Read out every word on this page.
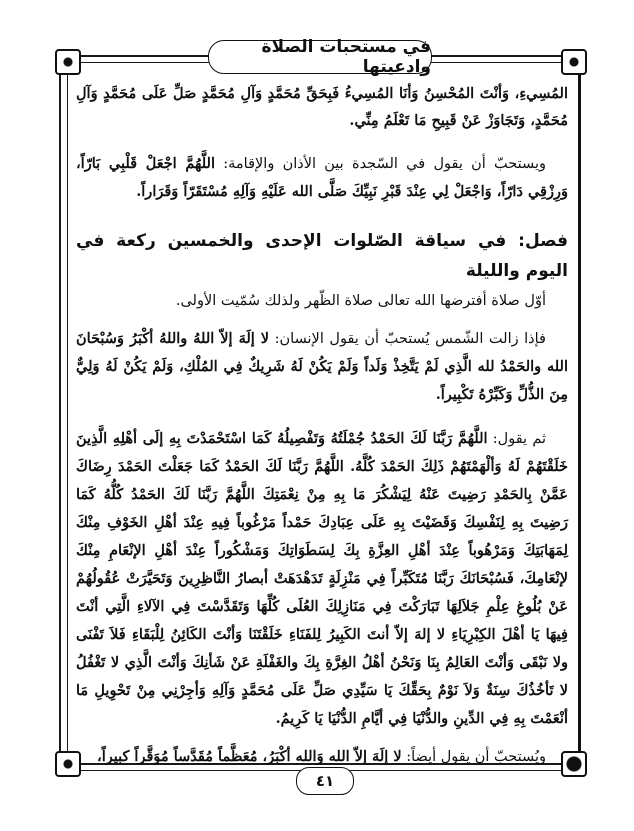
في مستحبات الصلاة وادعيتها

المُسِيءِ، وَأنْتَ المُحْسِنُ وَأنَا المُسِيءُ فَبِحَقِّ مُحَمَّدٍ وَآلِ مُحَمَّدٍ صَلِّ عَلَى مُحَمَّدٍ وَآلِ مُحَمَّدٍ، وَتَجَاوَزْ عَنْ قَبِيحِ مَا تَعْلَمُ مِنِّي.

ويستحبّ أن يقول في السّجدة بين الأذان والإقامة: اللَّهُمَّ اجْعَلْ قَلْبِي بَارّاً، وَرِزْقِي دَارّاً، وَاجْعَلْ لِي عِنْدَ قَبْرِ نَبِيِّكَ صَلَّى الله عَلَيْهِ وَآلِهِ مُسْتَقَرّاً وَقَرَاراً.

فصل: في سياقة الصّلوات الإحدى والخمسين ركعة في اليوم والليلة

أوّل صلاة أفترضها الله تعالى صلاة الظّهر ولذلك سُمّيت الأولى.

فإذا زالت الشّمس يُستحبّ أن يقول الإنسان: لا إلَهَ إلاّ اللهُ واللهُ أكْبَرُ وَسُبْحَانَ الله والحَمْدُ لله الَّذِي لَمْ يَتَّخِذْ وَلَداً وَلَمْ يَكُنْ لَهُ شَرِيكٌ فِي المُلْكِ، وَلَمْ يَكُنْ لَهُ وَلِيٌّ مِنَ الذُّلِّ وَكَبِّرْهُ تَكْبِيراً.

ثم يقول: اللَّهُمَّ رَبَّنَا لَكَ الحَمْدُ جُمْلَتُهُ وَتَفْصِيلُهُ كَمَا اسْتَحْمَدْتَ بِهِ إلَى أهْلِهِ الَّذِينَ خَلَقْتَهُمْ لَهُ وَألْهَمْتَهُمْ ذَلِكَ الحَمْدَ كُلَّهُ. اللَّهُمَّ رَبَّنَا لَكَ الحَمْدُ كَمَا جَعَلْتَ الحَمْدَ رِضَاكَ عَمَّنْ بِالحَمْدِ رَضِيتَ عَنْهُ لِيَشْكُرَ مَا بِهِ مِنْ نِعْمَتِكَ اللَّهُمَّ رَبَّنَا لَكَ الحَمْدُ كُلُّهُ كَمَا رَضِيتَ بِهِ لِنَفْسِكَ وَقَضَيْتَ بِهِ عَلَى عِبَادِكَ حَمْداً مَرْغُوباً فِيهِ عِنْدَ أهْلِ الخَوْفِ مِنْكَ لِمَهَابَتِكَ وَمَرْهُوباً عِنْدَ أهْلِ العِزَّةِ بِكَ لِسَطَوَاتِكَ وَمَشْكُوراً عِنْدَ أهْلِ الإنْعَامِ مِنْكَ لإنْعَامِكَ، فَسُبْحَانَكَ رَبَّنَا مُتَكَبِّراً فِي مَنْزِلَةٍ تَدَهْدَهَتْ أبصارُ النَّاظِرِينَ وَتَحَيَّرَتْ عُقُولُهُمْ عَنْ بُلُوغِ عِلْمِ جَلاَلِهَا تَبَارَكْتَ فِي مَنَازِلِكَ العُلَى كُلِّهَا وَتَقَدَّسْتَ فِي الآلاءِ الَّتِي أنْتَ فِيهَا يَا أهْلَ الكِبْرِيَاءِ لا إلهَ إلاّ أنتَ الكَبِيرُ لِلفَنَاءِ خَلَقْتَنَا وَأنْتَ الكَائِنُ لِلْبَقَاءِ فَلاَ تَفْنَى ولا نَبْقَى وَأنْتَ العَالِمُ بِنَا وَنَحْنُ أهْلُ الغِرَّةِ بِكَ والغَفْلَةِ عَنْ شَأنِكَ وَأنْتَ الَّذِي لا تَغْفُلُ لا تَأخُذُكَ سِنَةٌ وَلاَ نَوْمٌ بِحَقِّكَ يَا سَيِّدِي صَلِّ عَلَى مُحَمَّدٍ وَآلِهِ وَأجِرْنِي مِنْ تَحْوِيلِ مَا أنْعَمْتَ بِهِ فِي الدِّينِ والدُّنْيَا فِي أيَّامِ الدُّنْيَا يَا كَرِيمُ.

ويُستحبّ أن يقول أيضاً: لا إلَهَ إلاّ الله وَالله أكْبَرُ، مُعَظَّماً مُقَدَّساً مُوَقَّراً كبيراً،

٤١
